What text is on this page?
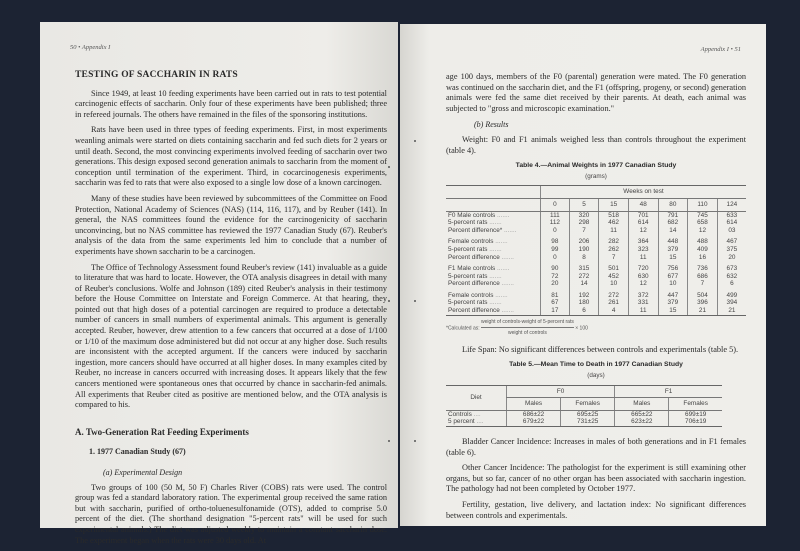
50 • Appendix I
TESTING OF SACCHARIN IN RATS

Since 1949, at least 10 feeding experiments have been carried out in rats to test potential carcinogenic effects of saccharin. Only four of these experiments have been published; three in refereed journals. The others have remained in the files of the sponsoring institutions.

Rats have been used in three types of feeding experiments. First, in most experiments weanling animals were started on diets containing saccharin and fed such diets for 2 years or until death. Second, the most convincing experiments involved feeding of saccharin over two generations. This design exposed second generation animals to saccharin from the moment of conception until termination of the experiment. Third, in cocarcinogenesis experiments, saccharin was fed to rats that were also exposed to a single low dose of a known carcinogen.

Many of these studies have been reviewed by subcommittees of the Committee on Food Protection, National Academy of Sciences (NAS) (114, 116, 117), and by Reuber (141). In general, the NAS committees found the evidence for the carcinogenicity of saccharin unconvincing, but no NAS committee has reviewed the 1977 Canadian Study (67). Reuber's analysis of the data from the same experiments led him to conclude that a number of experiments have shown saccharin to be a carcinogen.

The Office of Technology Assessment found Reuber's review (141) invaluable as a guide to literature that was hard to locate. However, the OTA analysis disagrees in detail with many of Reuber's conclusions. Wolfe and Johnson (189) cited Reuber's analysis in their testimony before the House Committee on Interstate and Foreign Commerce. At that hearing, they pointed out that high doses of a potential carcinogen are required to produce a detectable number of cancers in small numbers of experimental animals. This argument is generally accepted. Reuber, however, drew attention to a few cancers that occurred at a dose of 1/100 or 1/10 of the maximum dose administered but did not occur at any higher dose. Such results are inconsistent with the accepted argument. If the cancers were induced by saccharin ingestion, more cancers should have occurred at all higher doses. In many examples cited by Reuber, no increase in cancers occurred with increasing doses. It appears likely that the few cancers mentioned were spontaneous ones that occurred by chance in saccharin-fed animals. All experiments that Reuber cited as positive are mentioned below, and the OTA analysis is compared to his.

A. Two-Generation Rat Feeding Experiments
1. 1977 Canadian Study (67)
(a) Experimental Design

Two groups of 100 (50 M, 50 F) Charles River (COBS) rats were used. The control group was fed a standard laboratory ration. The experimental group received the same ration but with saccharin, purified of ortho-toluenesulfonamide (OTS), added to comprise 5.0 percent of the diet. (The shorthand designation "5-percent rats" will be used for such experimental animals.) The diet was adjusted weekly to maintain a constant saccharin dose. The experiment began when the rats were 30 days old. At

Appendix I • 51

age 100 days, members of the F0 (parental) generation were mated. The F0 generation was continued on the saccharin diet, and the F1 (offspring, progeny, or second) generation animals were fed the same diet received by their parents. At death, each animal was subjected to "gross and microscopic examination."

(b) Results

Weight: F0 and F1 animals weighed less than controls throughout the experiment (table 4).

Table 4.—Animal Weights in 1977 Canadian Study
(grams)
	Weeks on test						
	0	5	15	48	80	110	124
F0 Male controls .......	111	320	518	701	791	745	633
5-percent rats .......	112	298	462	614	682	658	614
Percent difference* .......	0	7	11	12	14	12	03

Female controls .......	98	206	282	364	448	488	467
5-percent rats .......	99	190	262	323	379	409	375
Percent difference .......	0	8	7	11	15	16	20

F1 Male controls .......	90	315	501	720	756	736	673
5-percent rats .......	72	272	452	630	677	686	632
Percent difference .......	20	14	10	12	10	7	6

Female controls .......	81	192	272	372	447	504	499
5-percent rats .......	67	180	261	331	379	396	394
Percent difference .......	17	6	4	11	15	21	21
*Calculated as: $\frac{\text{weight of controls-weight of 5-percent rats}}{\text{weight of controls}} \times 100$

Life Span: No significant differences between controls and experimentals (table 5).

Table 5.—Mean Time to Death in 1977 Canadian Study
(days)
Diet	F0		F1	
	Males	Females	Males	Females
Controls ....	686±22	695±25	665±22	699±19
5 percent ....	679±22	731±25	623±22	706±19

Bladder Cancer Incidence: Increases in males of both generations and in F1 females (table 6).

Other Cancer Incidence: The pathologist for the experiment is still examining other organs, but so far, cancer of no other organ has been associated with saccharin ingestion. The pathology had not been completed by October 1977.

Fertility, gestation, live delivery, and lactation index: No significant differences between controls and experimentals.
